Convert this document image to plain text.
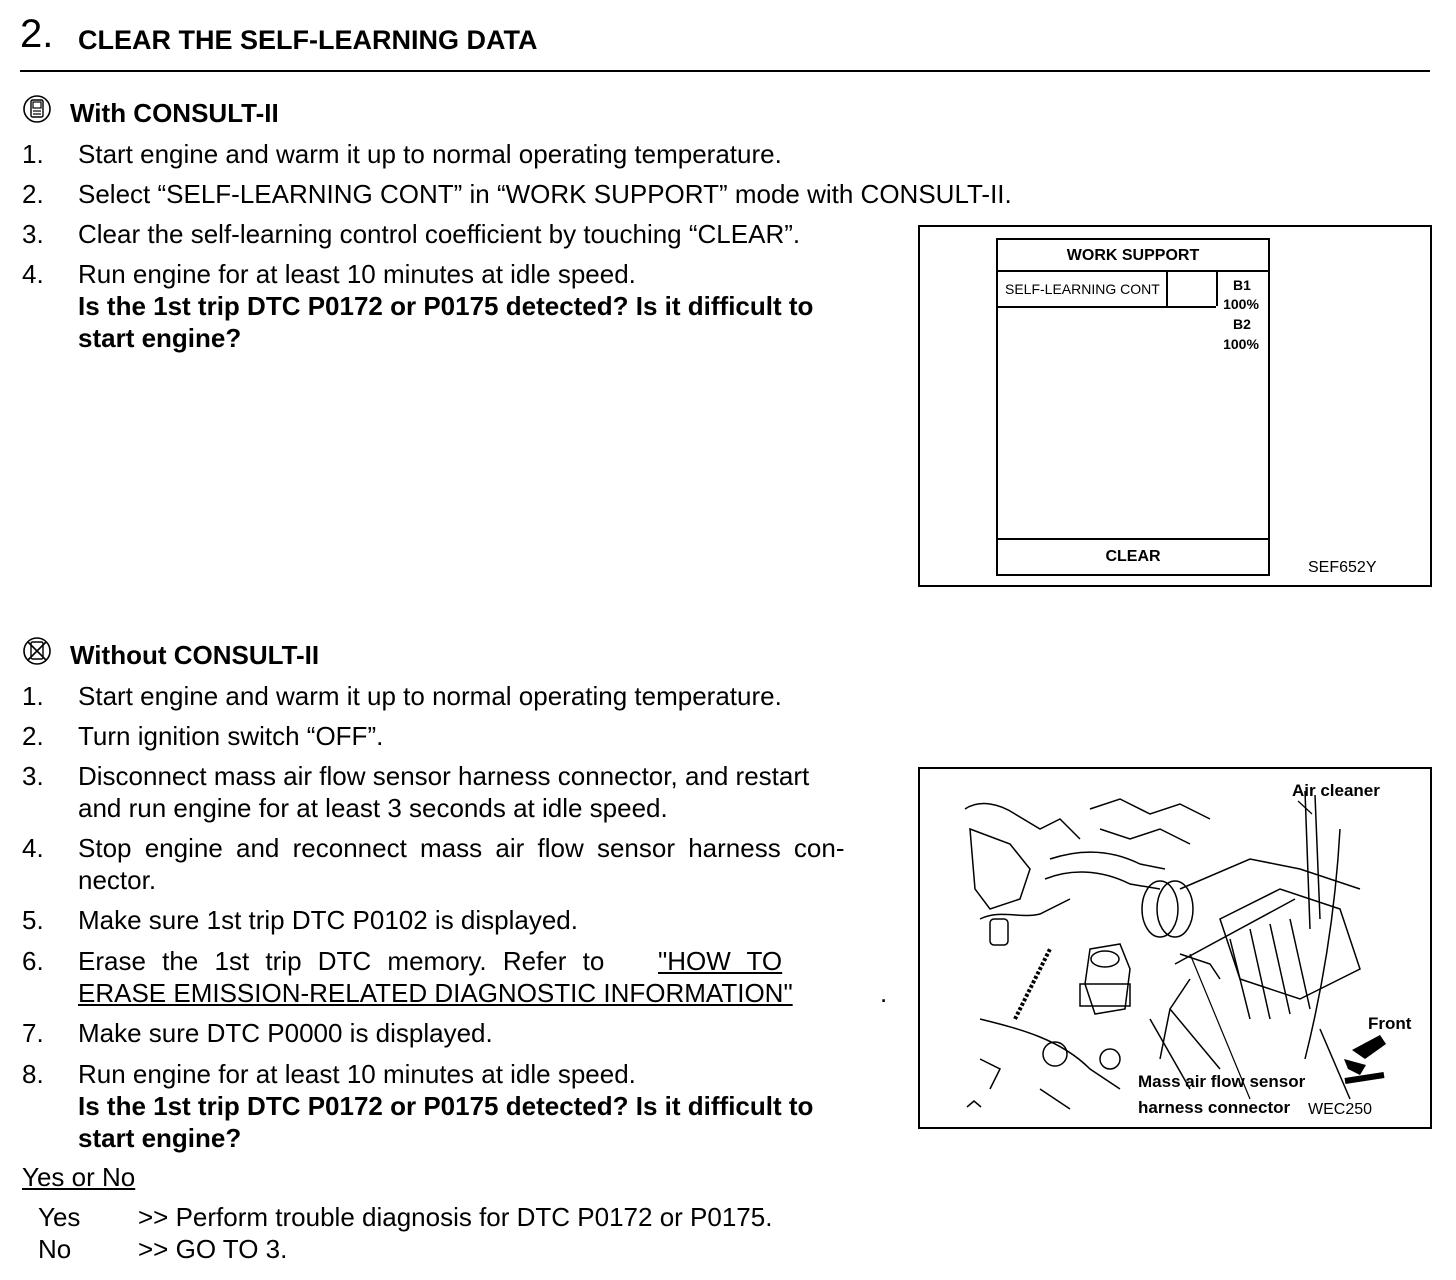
2. CLEAR THE SELF-LEARNING DATA
With CONSULT-II
1. Start engine and warm it up to normal operating temperature.
2. Select “SELF-LEARNING CONT” in “WORK SUPPORT” mode with CONSULT-II.
3. Clear the self-learning control coefficient by touching “CLEAR”.
4. Run engine for at least 10 minutes at idle speed.
Is the 1st trip DTC P0172 or P0175 detected? Is it difficult to
start engine?
WORK SUPPORT
SELF-LEARNING CONT	B1
100%
B2
100%
CLEAR
SEF652Y
Without CONSULT-II
1. Start engine and warm it up to normal operating temperature.
2. Turn ignition switch “OFF”.
3. Disconnect mass air flow sensor harness connector, and restart
and run engine for at least 3 seconds at idle speed.
4. Stop engine and reconnect mass air flow sensor harness con-
nector.
5. Make sure 1st trip DTC P0102 is displayed.
6. Erase the 1st trip DTC memory. Refer to "HOW TO
ERASE EMISSION-RELATED DIAGNOSTIC INFORMATION"	.
7. Make sure DTC P0000 is displayed.
8. Run engine for at least 10 minutes at idle speed.
Is the 1st trip DTC P0172 or P0175 detected? Is it difficult to
start engine?
Air cleaner
Front
Mass air flow sensor
harness connector WEC250
Yes or No
Yes >> Perform trouble diagnosis for DTC P0172 or P0175.
No	>> GO TO 3.
